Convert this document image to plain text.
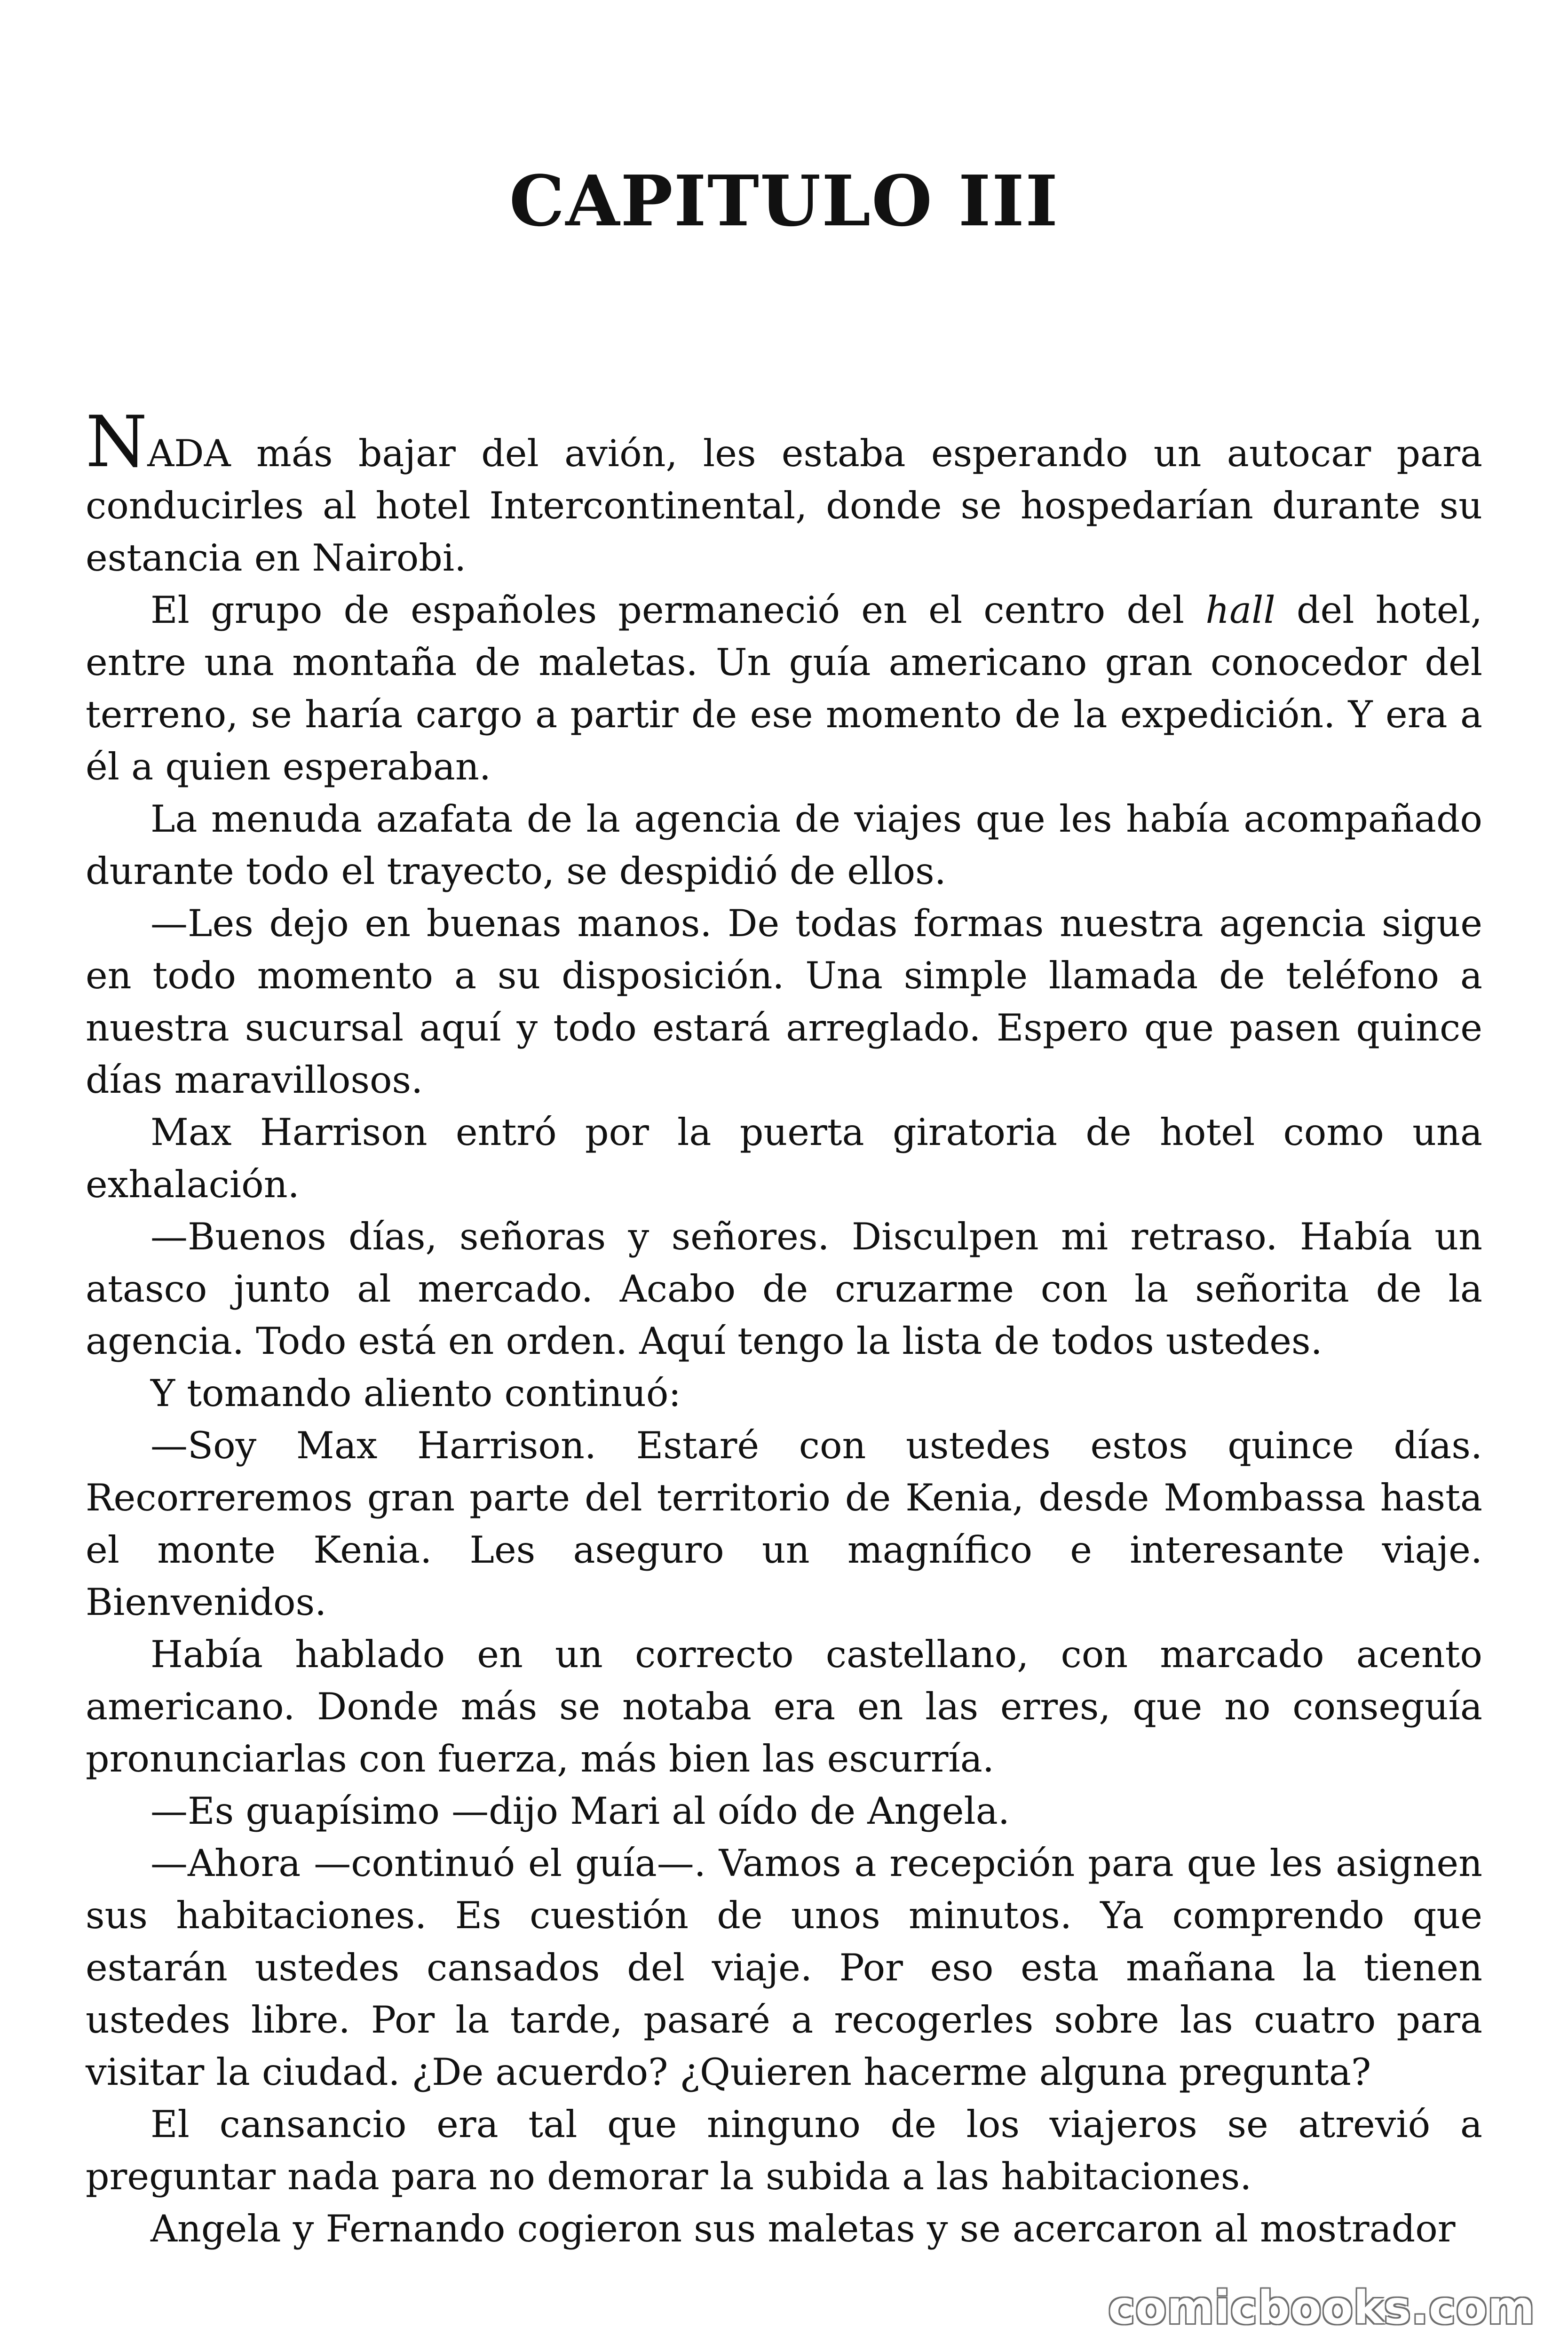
CAPITULO III

NADA más bajar del avión, les estaba esperando un autocar para conducirles al hotel Intercontinental, donde se hospedarían durante su estancia en Nairobi.

El grupo de españoles permaneció en el centro del hall del hotel, entre una montaña de maletas. Un guía americano gran conocedor del terreno, se haría cargo a partir de ese momento de la expedición. Y era a él a quien esperaban.

La menuda azafata de la agencia de viajes que les había acompañado durante todo el trayecto, se despidió de ellos.

—Les dejo en buenas manos. De todas formas nuestra agencia sigue en todo momento a su disposición. Una simple llamada de teléfono a nuestra sucursal aquí y todo estará arreglado. Espero que pasen quince días maravillosos.

Max Harrison entró por la puerta giratoria de hotel como una exhalación.

—Buenos días, señoras y señores. Disculpen mi retraso. Había un atasco junto al mercado. Acabo de cruzarme con la señorita de la agencia. Todo está en orden. Aquí tengo la lista de todos ustedes.

Y tomando aliento continuó:

—Soy Max Harrison. Estaré con ustedes estos quince días. Recorreremos gran parte del territorio de Kenia, desde Mombassa hasta el monte Kenia. Les aseguro un magnífico e interesante viaje. Bienvenidos.

Había hablado en un correcto castellano, con marcado acento americano. Donde más se notaba era en las erres, que no conseguía pronunciarlas con fuerza, más bien las escurría.

—Es guapísimo —dijo Mari al oído de Angela.

—Ahora —continuó el guía—. Vamos a recepción para que les asignen sus habitaciones. Es cuestión de unos minutos. Ya comprendo que estarán ustedes cansados del viaje. Por eso esta mañana la tienen ustedes libre. Por la tarde, pasaré a recogerles sobre las cuatro para visitar la ciudad. ¿De acuerdo? ¿Quieren hacerme alguna pregunta?

El cansancio era tal que ninguno de los viajeros se atrevió a preguntar nada para no demorar la subida a las habitaciones.

Angela y Fernando cogieron sus maletas y se acercaron al mostrador

comicbooks.com
